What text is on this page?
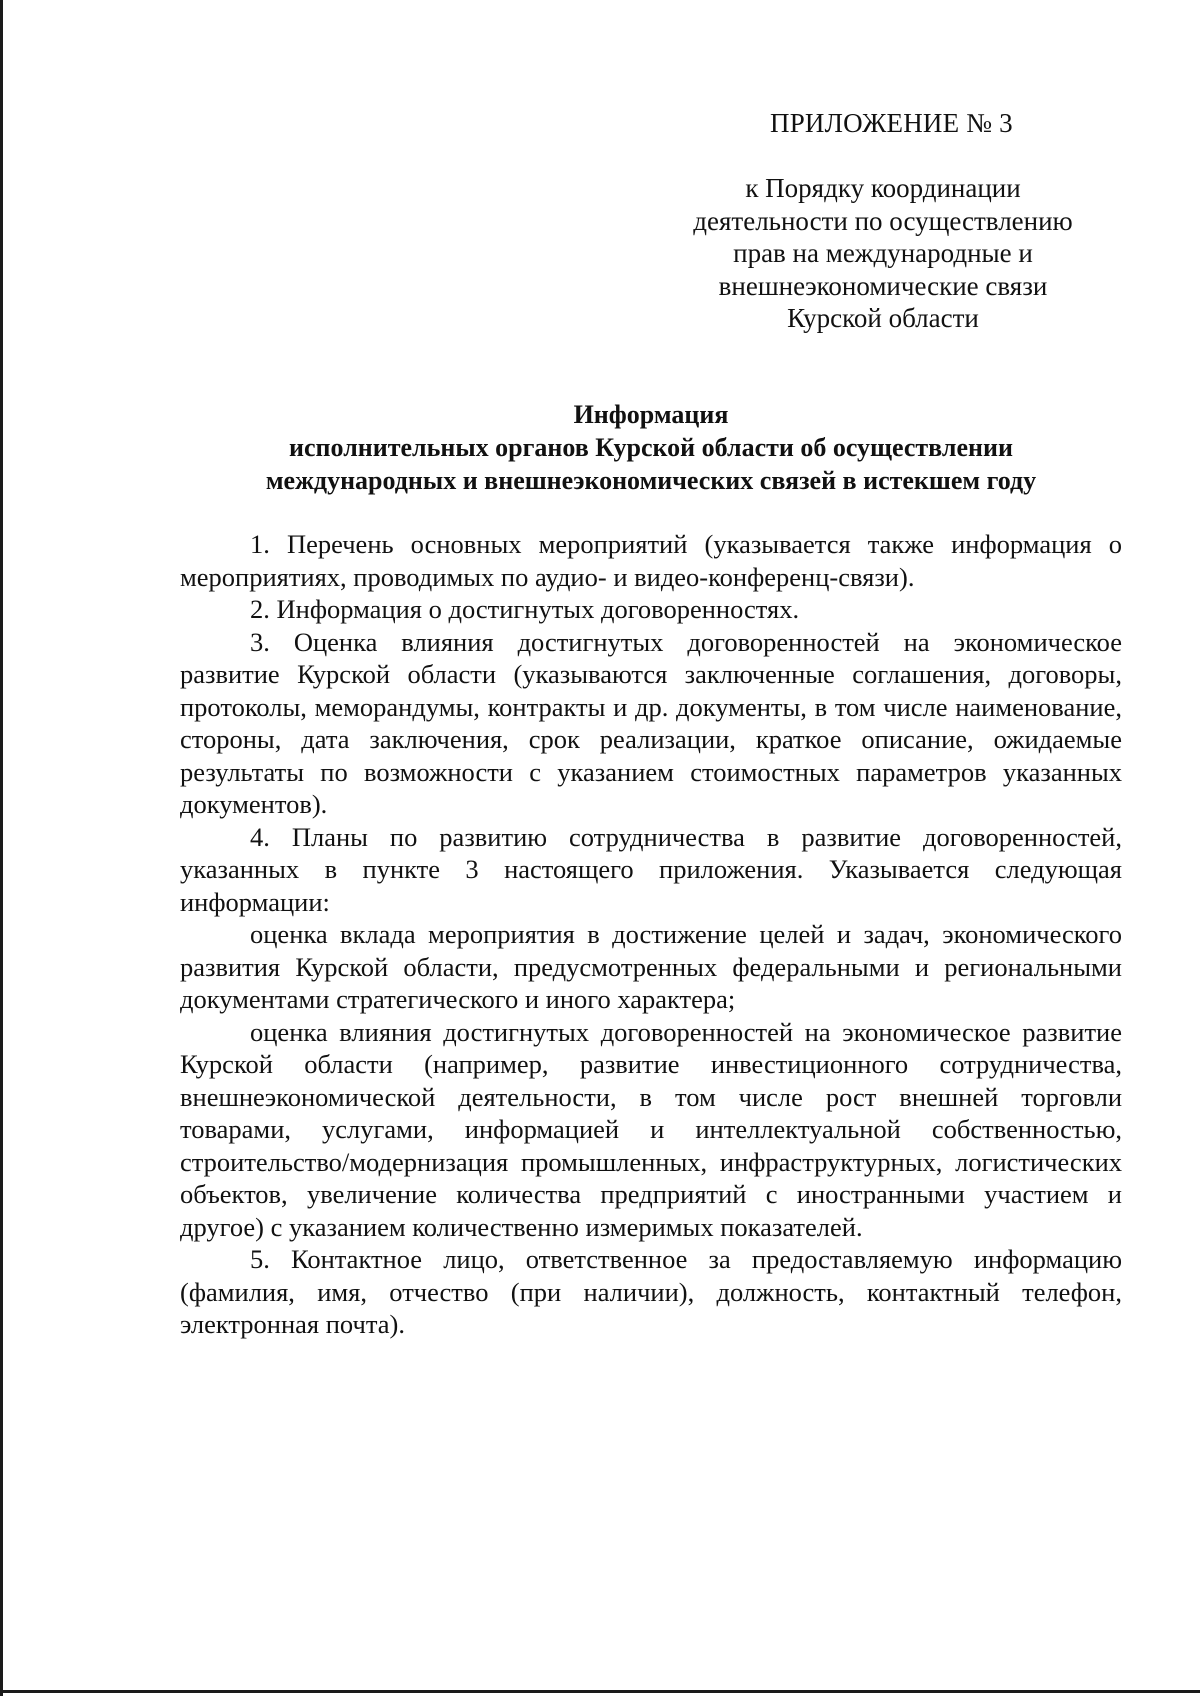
ПРИЛОЖЕНИЕ № 3
к Порядку координации
деятельности по осуществлению
прав на международные и
внешнеэкономические связи
Курской области
Информация
исполнительных органов Курской области об осуществлении
международных и внешнеэкономических связей в истекшем году

1. Перечень основных мероприятий (указывается также информация о мероприятиях, проводимых по аудио- и видео-конференц-связи).

2. Информация о достигнутых договоренностях.

3. Оценка влияния достигнутых договоренностей на экономическое развитие Курской области (указываются заключенные соглашения, договоры, протоколы, меморандумы, контракты и др. документы, в том числе наименование, стороны, дата заключения, срок реализации, краткое описание, ожидаемые результаты по возможности с указанием стоимостных параметров указанных документов).

4. Планы по развитию сотрудничества в развитие договоренностей, указанных в пункте 3 настоящего приложения. Указывается следующая информации:

оценка вклада мероприятия в достижение целей и задач, экономического развития Курской области, предусмотренных федеральными и региональными документами стратегического и иного характера;

оценка влияния достигнутых договоренностей на экономическое развитие Курской области (например, развитие инвестиционного сотрудничества, внешнеэкономической деятельности, в том числе рост внешней торговли товарами, услугами, информацией и интеллектуальной собственностью, строительство/модернизация промышленных, инфраструктурных, логистических объектов, увеличение количества предприятий с иностранными участием и другое) с указанием количественно измеримых показателей.

5. Контактное лицо, ответственное за предоставляемую информацию (фамилия, имя, отчество (при наличии), должность, контактный телефон, электронная почта).
